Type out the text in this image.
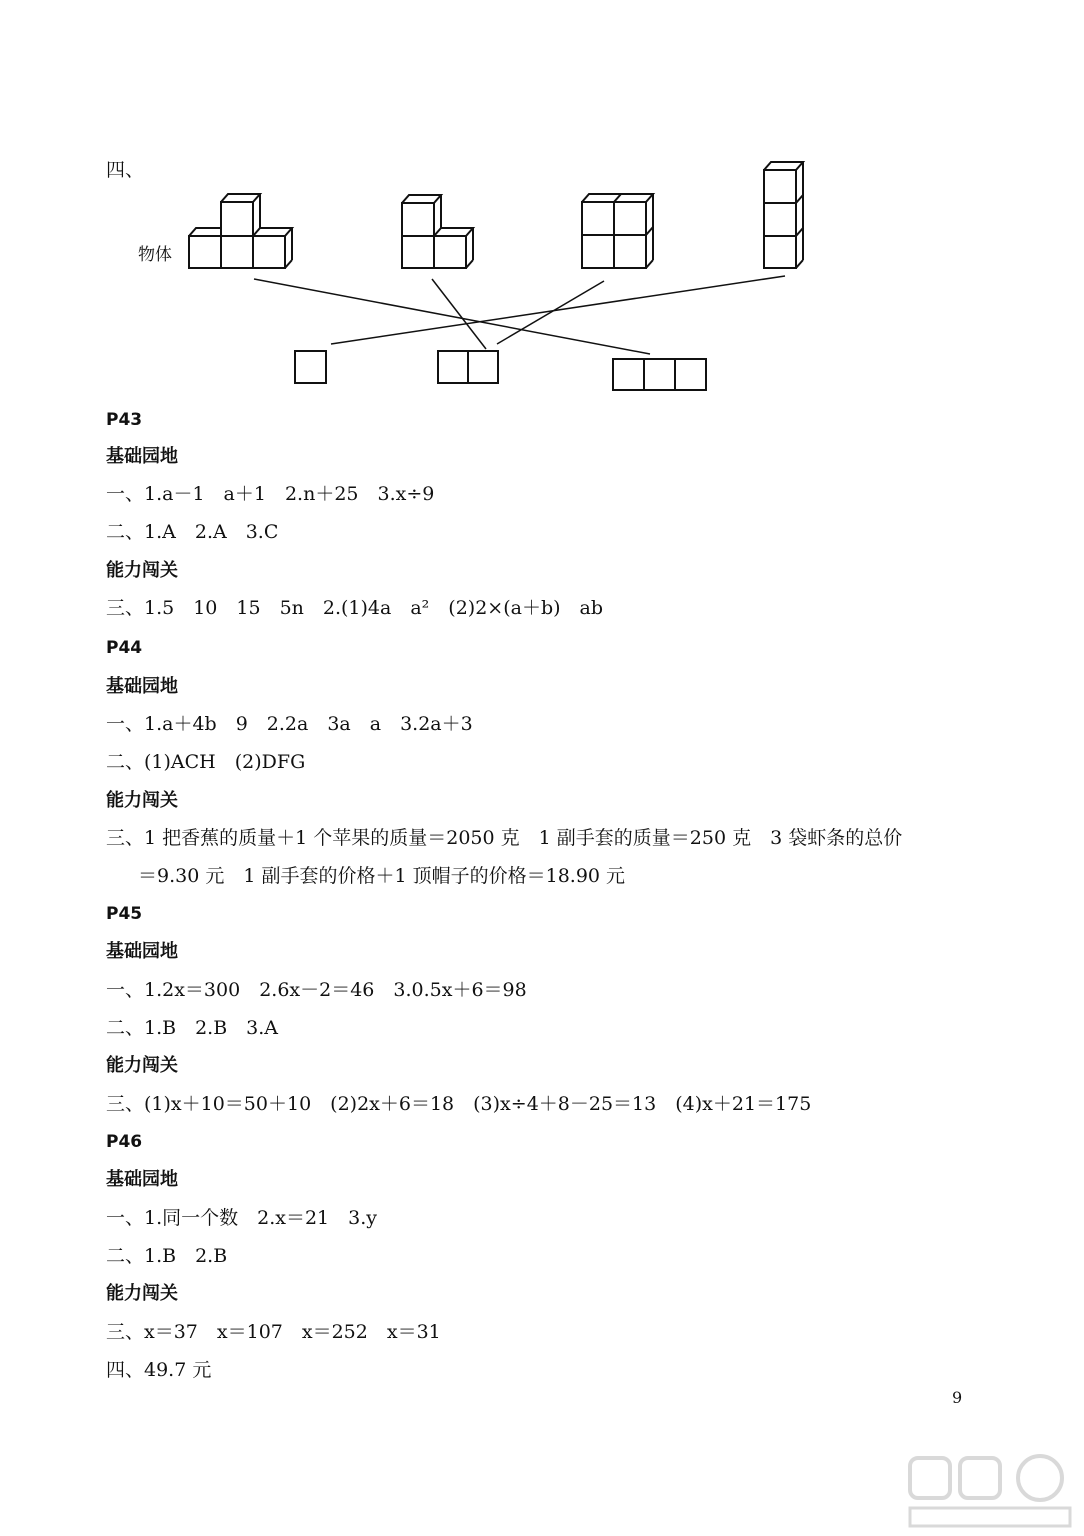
四、
物体
P43
基础园地
一、1.a－1　a＋1　2.n＋25　3.x÷9
二、1.A　2.A　3.C
能力闯关
三、1.5　10　15　5n　2.(1)4a　a²　(2)2×(a＋b)　ab
P44
基础园地
一、1.a＋4b　9　2.2a　3a　a　3.2a＋3
二、(1)ACH　(2)DFG
能力闯关
三、1 把香蕉的质量＋1 个苹果的质量＝2050 克　1 副手套的质量＝250 克　3 袋虾条的总价
＝9.30 元　1 副手套的价格＋1 顶帽子的价格＝18.90 元
P45
基础园地
一、1.2x＝300　2.6x－2＝46　3.0.5x＋6＝98
二、1.B　2.B　3.A
能力闯关
三、(1)x＋10＝50＋10　(2)2x＋6＝18　(3)x÷4＋8－25＝13　(4)x＋21＝175
P46
基础园地
一、1.同一个数　2.x＝21　3.y
二、1.B　2.B
能力闯关
三、x＝37　x＝107　x＝252　x＝31
四、49.7 元
9
